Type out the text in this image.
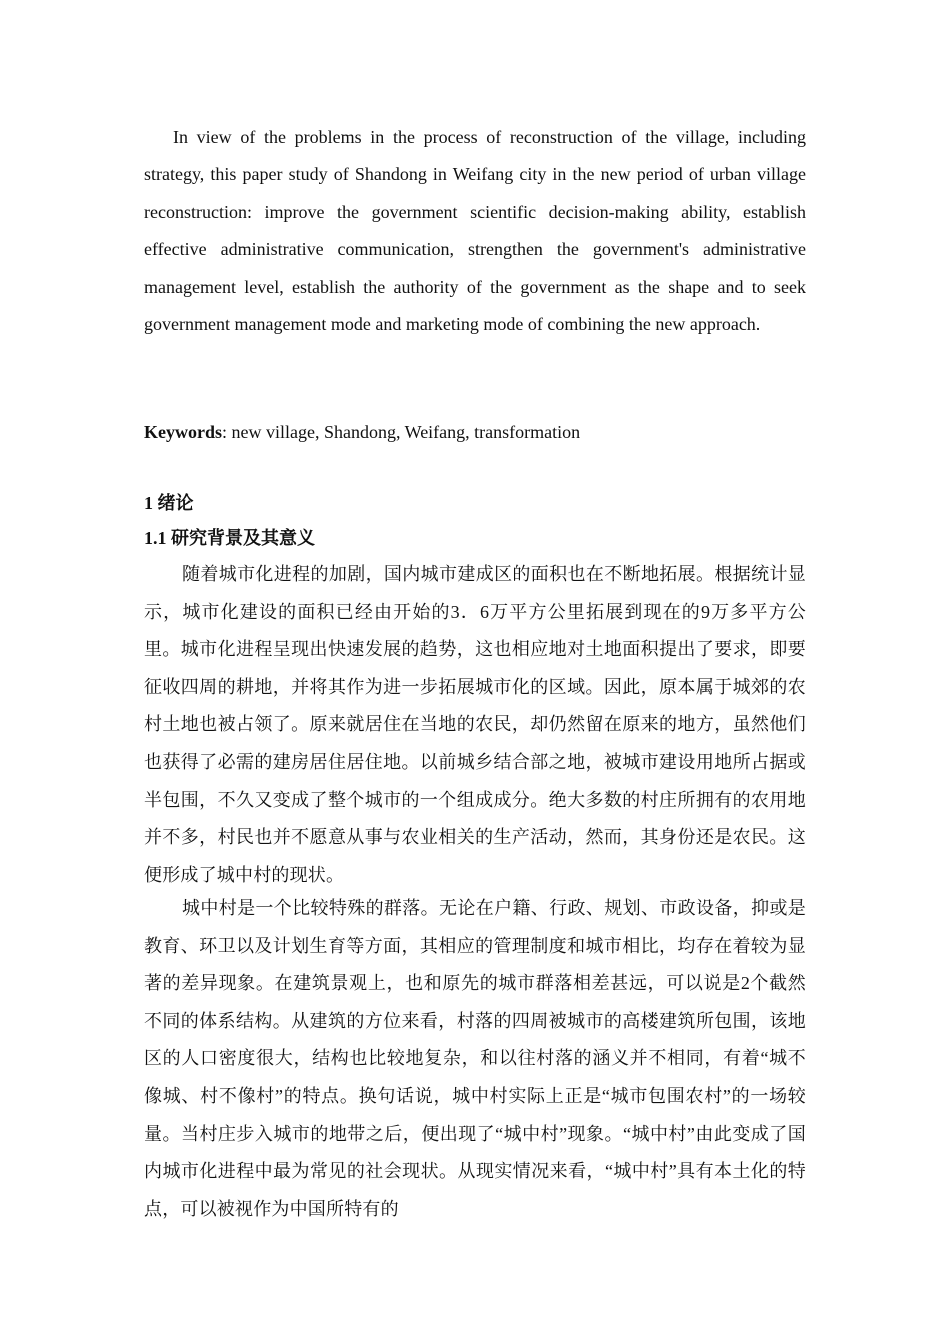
In view of the problems in the process of reconstruction of the village, including strategy, this paper study of Shandong in Weifang city in the new period of urban village reconstruction: improve the government scientific decision-making ability, establish effective administrative communication, strengthen the government's administrative management level, establish the authority of the government as the shape and to seek government management mode and marketing mode of combining the new approach.

Keywords: new village, Shandong, Weifang, transformation

1 绪论

1.1 研究背景及其意义

随着城市化进程的加剧，国内城市建成区的面积也在不断地拓展。根据统计显示，城市化建设的面积已经由开始的3．6万平方公里拓展到现在的9万多平方公里。城市化进程呈现出快速发展的趋势，这也相应地对土地面积提出了要求，即要征收四周的耕地，并将其作为进一步拓展城市化的区域。因此，原本属于城郊的农村土地也被占领了。原来就居住在当地的农民，却仍然留在原来的地方，虽然他们也获得了必需的建房居住居住地。以前城乡结合部之地，被城市建设用地所占据或半包围，不久又变成了整个城市的一个组成成分。绝大多数的村庄所拥有的农用地并不多，村民也并不愿意从事与农业相关的生产活动，然而，其身份还是农民。这便形成了城中村的现状。

城中村是一个比较特殊的群落。无论在户籍、行政、规划、市政设备，抑或是教育、环卫以及计划生育等方面，其相应的管理制度和城市相比，均存在着较为显著的差异现象。在建筑景观上，也和原先的城市群落相差甚远，可以说是2个截然不同的体系结构。从建筑的方位来看，村落的四周被城市的高楼建筑所包围，该地区的人口密度很大，结构也比较地复杂，和以往村落的涵义并不相同，有着“城不像城、村不像村”的特点。换句话说，城中村实际上正是“城市包围农村”的一场较量。当村庄步入城市的地带之后，便出现了“城中村”现象。“城中村”由此变成了国内城市化进程中最为常见的社会现状。从现实情况来看，“城中村”具有本土化的特点，可以被视作为中国所特有的
